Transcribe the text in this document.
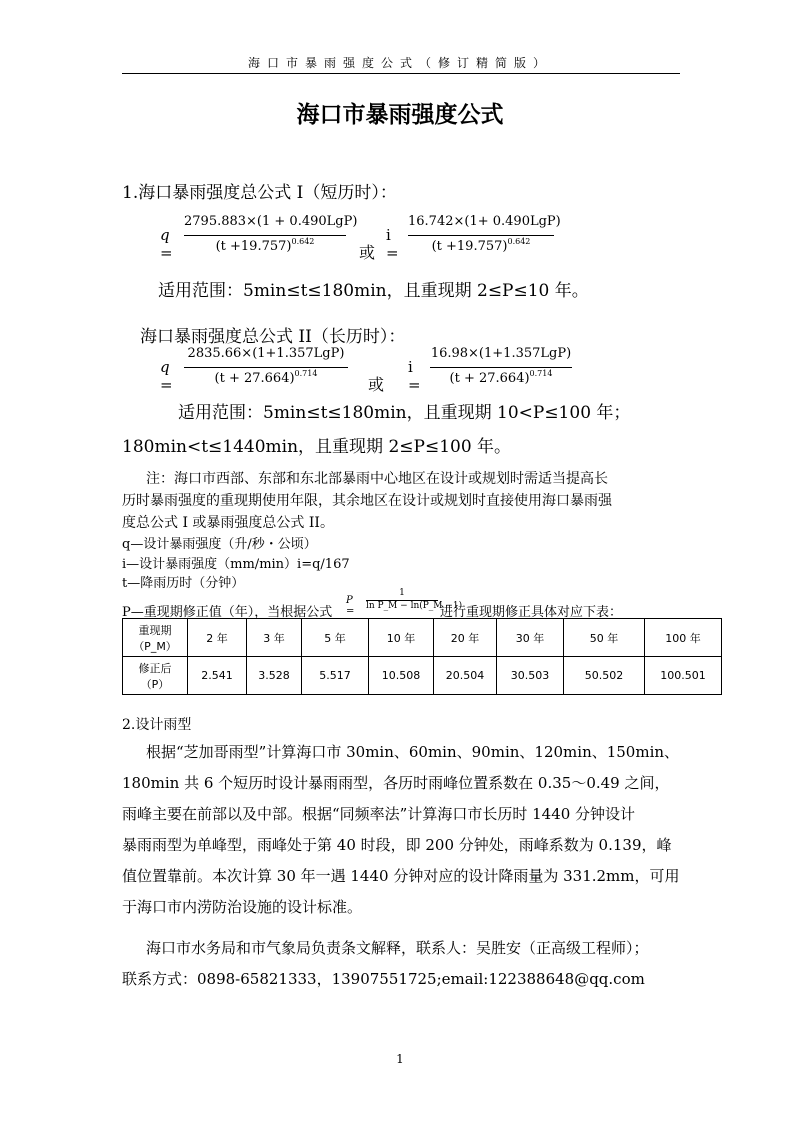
海口市暴雨强度公式（修订精简版）
海口市暴雨强度公式
1.海口暴雨强度总公式 I（短历时）：
q =
2795.883×(1 + 0.490LgP)
$(t +19.757)^{0.642}$
或
i =
16.742×(1+ 0.490LgP)
$(t +19.757)^{0.642}$
适用范围：5min≤t≤180min，且重现期 2≤P≤10 年。
海口暴雨强度总公式 II（长历时）：
q =
2835.66×(1+1.357LgP)
$(t + 27.664)^{0.714}$
或
i =
16.98×(1+1.357LgP)
$(t + 27.664)^{0.714}$
适用范围：5min≤t≤180min，且重现期 10<P≤100 年；
180min<t≤1440min，且重现期 2≤P≤100 年。
注：海口市西部、东部和东北部暴雨中心地区在设计或规划时需适当提高长
历时暴雨强度的重现期使用年限，其余地区在设计或规划时直接使用海口暴雨强
度总公式 I 或暴雨强度总公式 II。
q—设计暴雨强度（升/秒・公顷）
i—设计暴雨强度（mm/min）i=q/167
t—降雨历时（分钟）
P—重现期修正值（年），当根据公式
P =
1
ln P_M − ln(P_M −1)
进行重现期修正具体对应下表：
重现期
（P_M）	2 年	3 年	5 年	10 年	20 年	30 年	50 年	100 年

修正后
（P）	2.541	3.528	5.517	10.508	20.504	30.503	50.502	100.501
2.设计雨型
根据“芝加哥雨型”计算海口市 30min、60min、90min、120min、150min、
180min 共 6 个短历时设计暴雨雨型，各历时雨峰位置系数在 0.35～0.49 之间，
雨峰主要在前部以及中部。根据“同频率法”计算海口市长历时 1440 分钟设计
暴雨雨型为单峰型，雨峰处于第 40 时段，即 200 分钟处，雨峰系数为 0.139，峰
值位置靠前。本次计算 30 年一遇 1440 分钟对应的设计降雨量为 331.2mm，可用
于海口市内涝防治设施的设计标准。
海口市水务局和市气象局负责条文解释，联系人：吴胜安（正高级工程师）；
联系方式：0898-65821333，13907551725;email:122388648@qq.com
1
